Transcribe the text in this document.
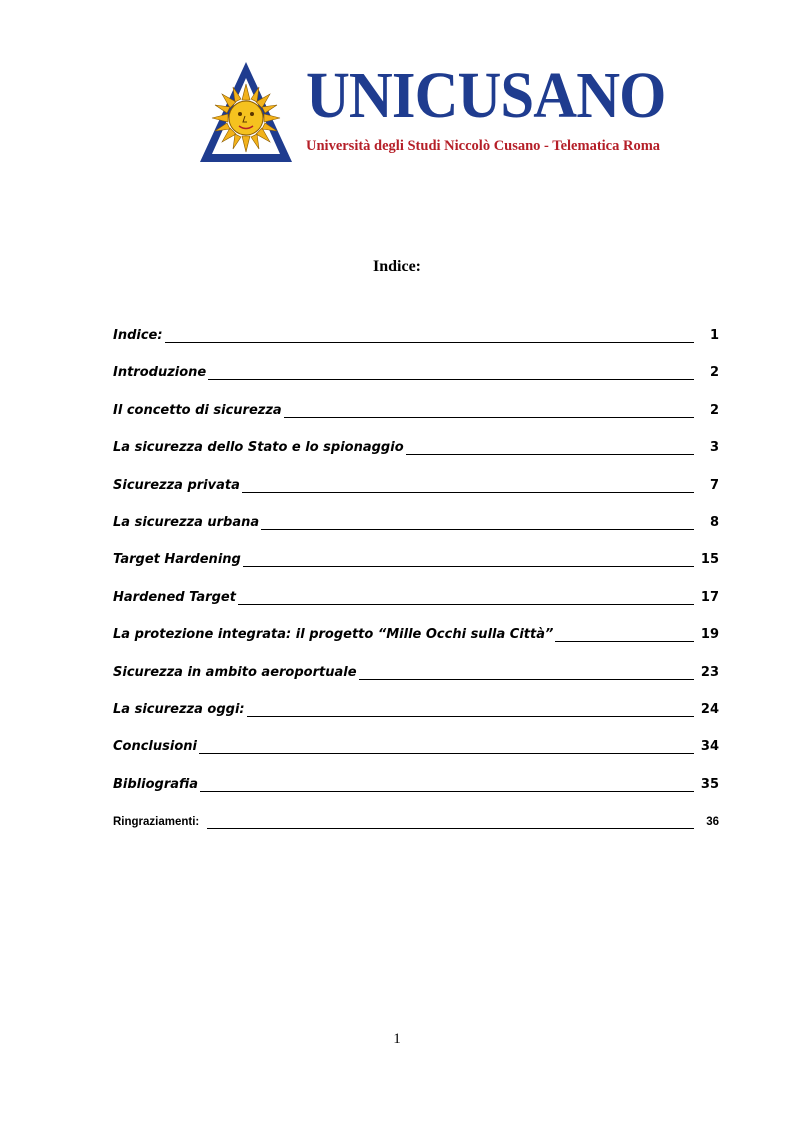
UNICUSANO

Università degli Studi Niccolò Cusano - Telematica Roma

Indice:
Indice:	1
Introduzione	2
Il concetto di sicurezza	2
La sicurezza dello Stato e lo spionaggio	3
Sicurezza privata	7
La sicurezza urbana	8
Target Hardening	15
Hardened Target	17
La protezione integrata: il progetto “Mille Occhi sulla Città”	19
Sicurezza in ambito aeroportuale	23
La sicurezza oggi:	24
Conclusioni	34
Bibliografia	35
Ringraziamenti:	36

1
